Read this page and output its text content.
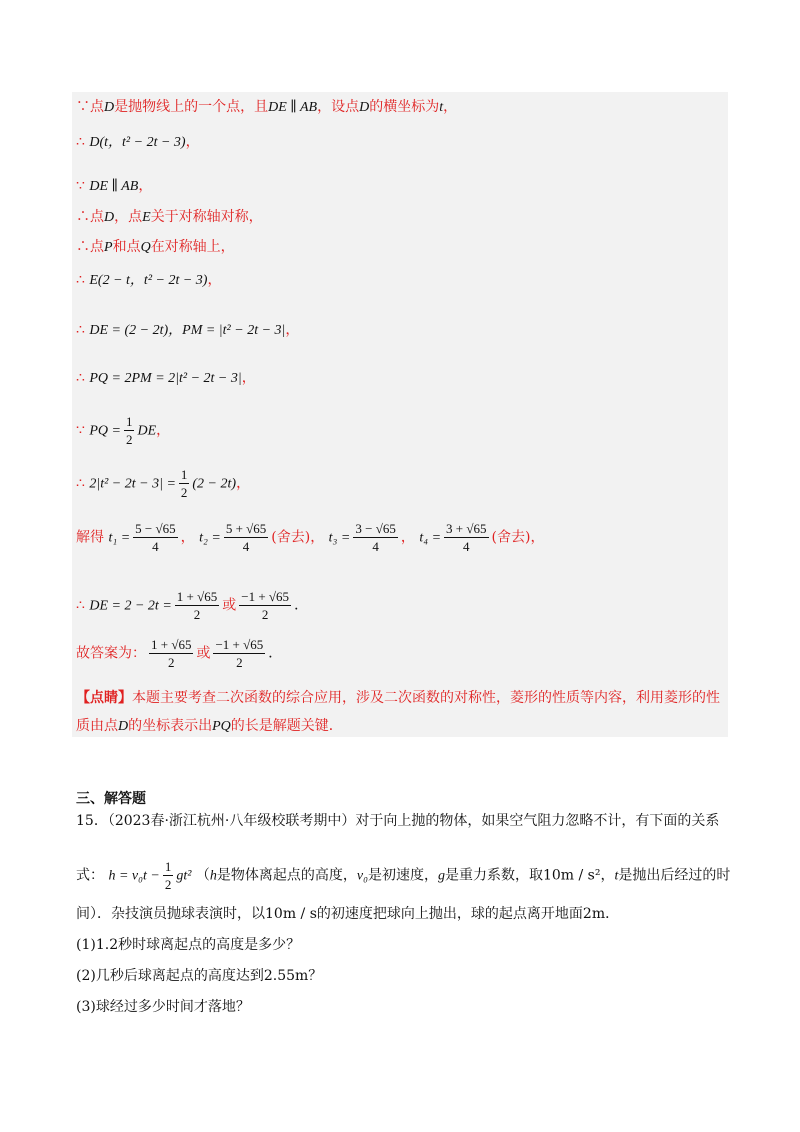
∵点D是抛物线上的一个点，且DE ∥ AB，设点D的横坐标为t，
∴ D(t，t² − 2t − 3)，
∵ DE ∥ AB，
∴点D，点E关于对称轴对称，
∴点P和点Q在对称轴上，
∴ E(2 − t，t² − 2t − 3)，
∴ DE = (2 − 2t)，PM = |t² − 2t − 3|，
∴ PQ = 2PM = 2|t² − 2t − 3|，
∵ PQ = $\frac{1}{2}$ DE，
∴ $2|t^2 - 2t - 3| = \frac{1}{2} (2 - 2t)$，
解得 $t_1 = \frac{5 - √65}{4}$ ， $t_2 = \frac{5 + √65}{4}$ (舍去)， $t_3 = \frac{3 - √65}{4}$ ， $t_4 = \frac{3 + √65}{4}$ (舍去)，
∴ DE = $2 - 2t = \frac{1 + √65}{2}$ 或 $\frac{-1 + √65}{2}$ ．
故答案为： $\frac{1 + √65}{2}$ 或 $\frac{-1 + √65}{2}$ ．
【点睛】本题主要考查二次函数的综合应用，涉及二次函数的对称性，菱形的性质等内容，利用菱形的性
质由点D的坐标表示出PQ的长是解题关键．
三、解答题
15．（2023春·浙江杭州·八年级校联考期中）对于向上抛的物体，如果空气阻力忽略不计，有下面的关系
式： $h = v_0t - \frac{1}{2} gt^2$ （h是物体离起点的高度，v₀是初速度，g是重力系数，取10m / s²，t是抛出后经过的时
间）．杂技演员抛球表演时，以10m / s的初速度把球向上抛出，球的起点离开地面2m．
(1)1.2秒时球离起点的高度是多少？
(2)几秒后球离起点的高度达到2.55m？
(3)球经过多少时间才落地？
